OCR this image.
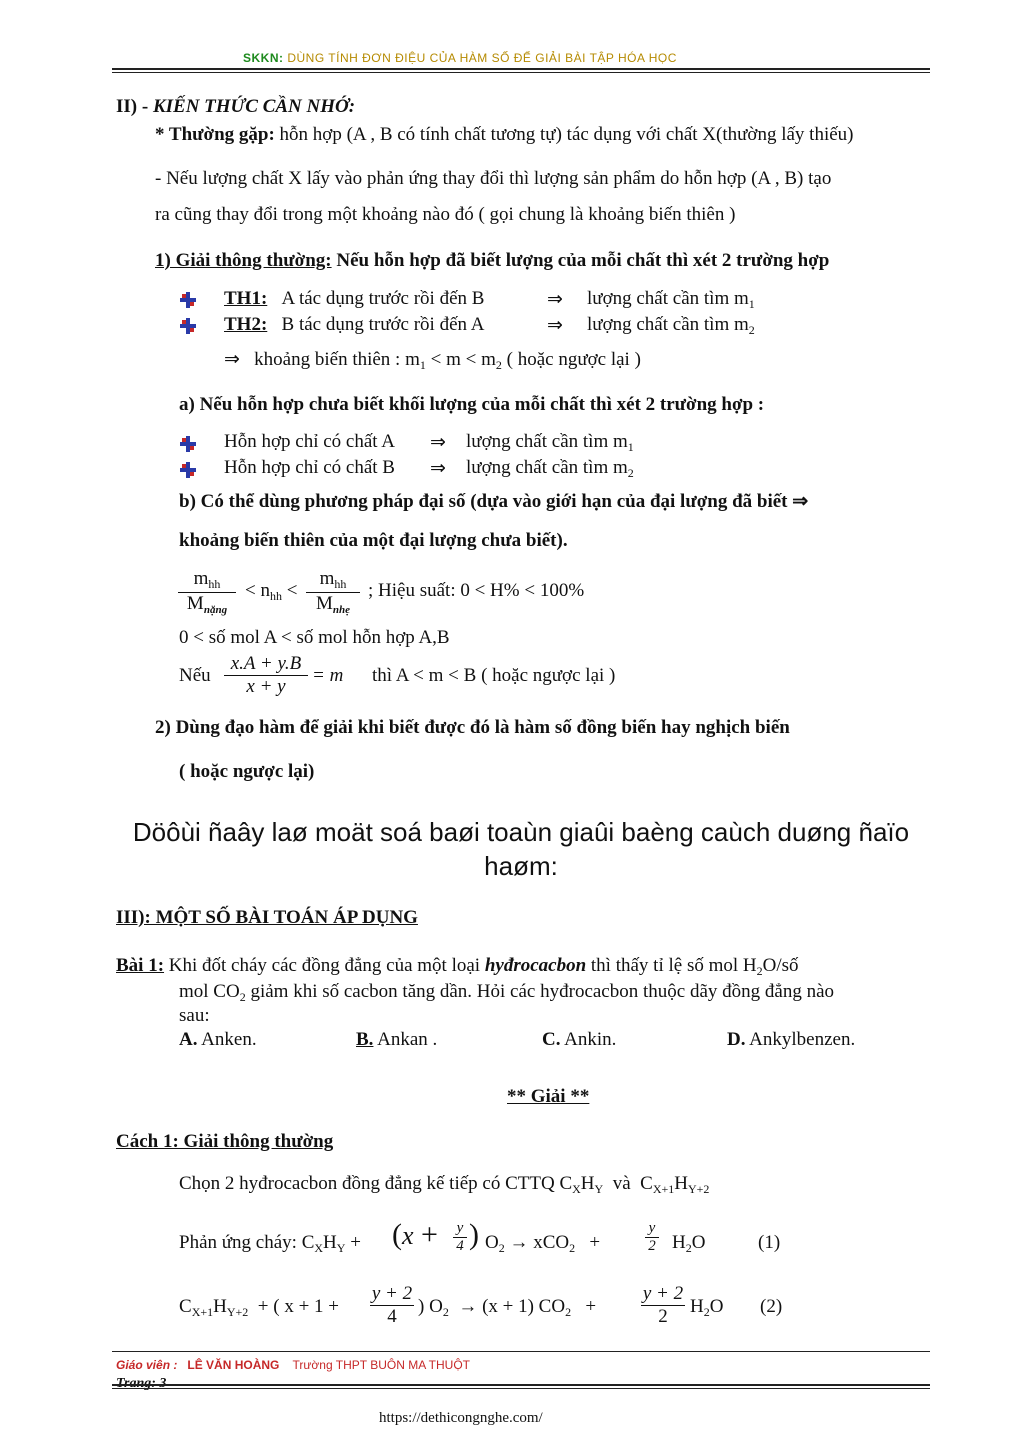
SKKN: DÙNG TÍNH ĐƠN ĐIỆU CỦA HÀM SỐ ĐỂ GIẢI BÀI TẬP HÓA HỌC
II) - KIẾN THỨC CẦN NHỚ:
* Thường gặp: hỗn hợp (A , B có tính chất tương tự) tác dụng với chất X(thường lấy thiếu)
- Nếu lượng chất X lấy vào phản ứng thay đổi thì lượng sản phẩm do hỗn hợp (A , B) tạo
ra cũng thay đổi trong một khoảng nào đó ( gọi chung là khoảng biến thiên )
1) Giải thông thường: Nếu hỗn hợp đã biết lượng của mỗi chất thì xét 2 trường hợp
TH1: A tác dụng trước rồi đến B	⇒ lượng chất cần tìm $m_1$
TH2: B tác dụng trước rồi đến A	⇒ lượng chất cần tìm $m_2$
⇒ khoảng biến thiên : $m_1 < m < m_2$ ( hoặc ngược lại )
a) Nếu hỗn hợp chưa biết khối lượng của mỗi chất thì xét 2 trường hợp :
Hỗn hợp chỉ có chất A ⇒ lượng chất cần tìm $m_1$
Hỗn hợp chỉ có chất B ⇒ lượng chất cần tìm $m_2$
b) Có thể dùng phương pháp đại số (dựa vào giới hạn của đại lượng đã biết ⇒
khoảng biến thiên của một đại lượng chưa biết).
$m_{hh}$
$M_{nặng}$
< $n_{hh}$ <
$m_{hh}$
$M_{nhẹ}$
; Hiệu suất: 0 < H% < 100%
0 < số mol A < số mol hỗn hợp A,B
Nếu $\frac{x.A + y.B}{x + y} = m$ thì A < m < B ( hoặc ngược lại )
2) Dùng đạo hàm để giải khi biết được đó là hàm số đồng biến hay nghịch biến
( hoặc ngược lại)
Döôùi ñaây laø moät soá baøi toaùn giaûi baèng caùch duøng ñaïo haøm:
III): MỘT SỐ BÀI TOÁN ÁP DỤNG
Bài 1: Khi đốt cháy các đồng đẳng của một loại hyđrocacbon thì thấy tỉ lệ số mol $H_2O/số$
mol $CO_2$ giảm khi số cacbon tăng dần. Hỏi các hyđrocacbon thuộc dãy đồng đẳng nào
sau:
A. Anken.	B. Ankan .	C. Ankin.	D. Ankylbenzen.
** Giải **
Cách 1: Giải thông thường
Chọn 2 hyđrocacbon đồng đẳng kế tiếp có CTTQ $C_XH_Y$  và  $C_{X+1}H_{Y+2}$
Phản ứng cháy: $C_XH_Y + (x + \frac{y}{4}$ ) $O_2 \to xCO_2$   +	$\frac{y}{2} H_2O$	(1)
$C_{X+1}H_{Y+2}$  + ( $x + 1 + \frac{y + 2}{4}$ ) $O_2 \to (x + 1) CO_2 + \frac{y + 2}{2} H_2O$ (2)
Giáo viên : LÊ VĂN HOÀNG Trường THPT BUÔN MA THUỘT
https://dethicongnghe.com/
